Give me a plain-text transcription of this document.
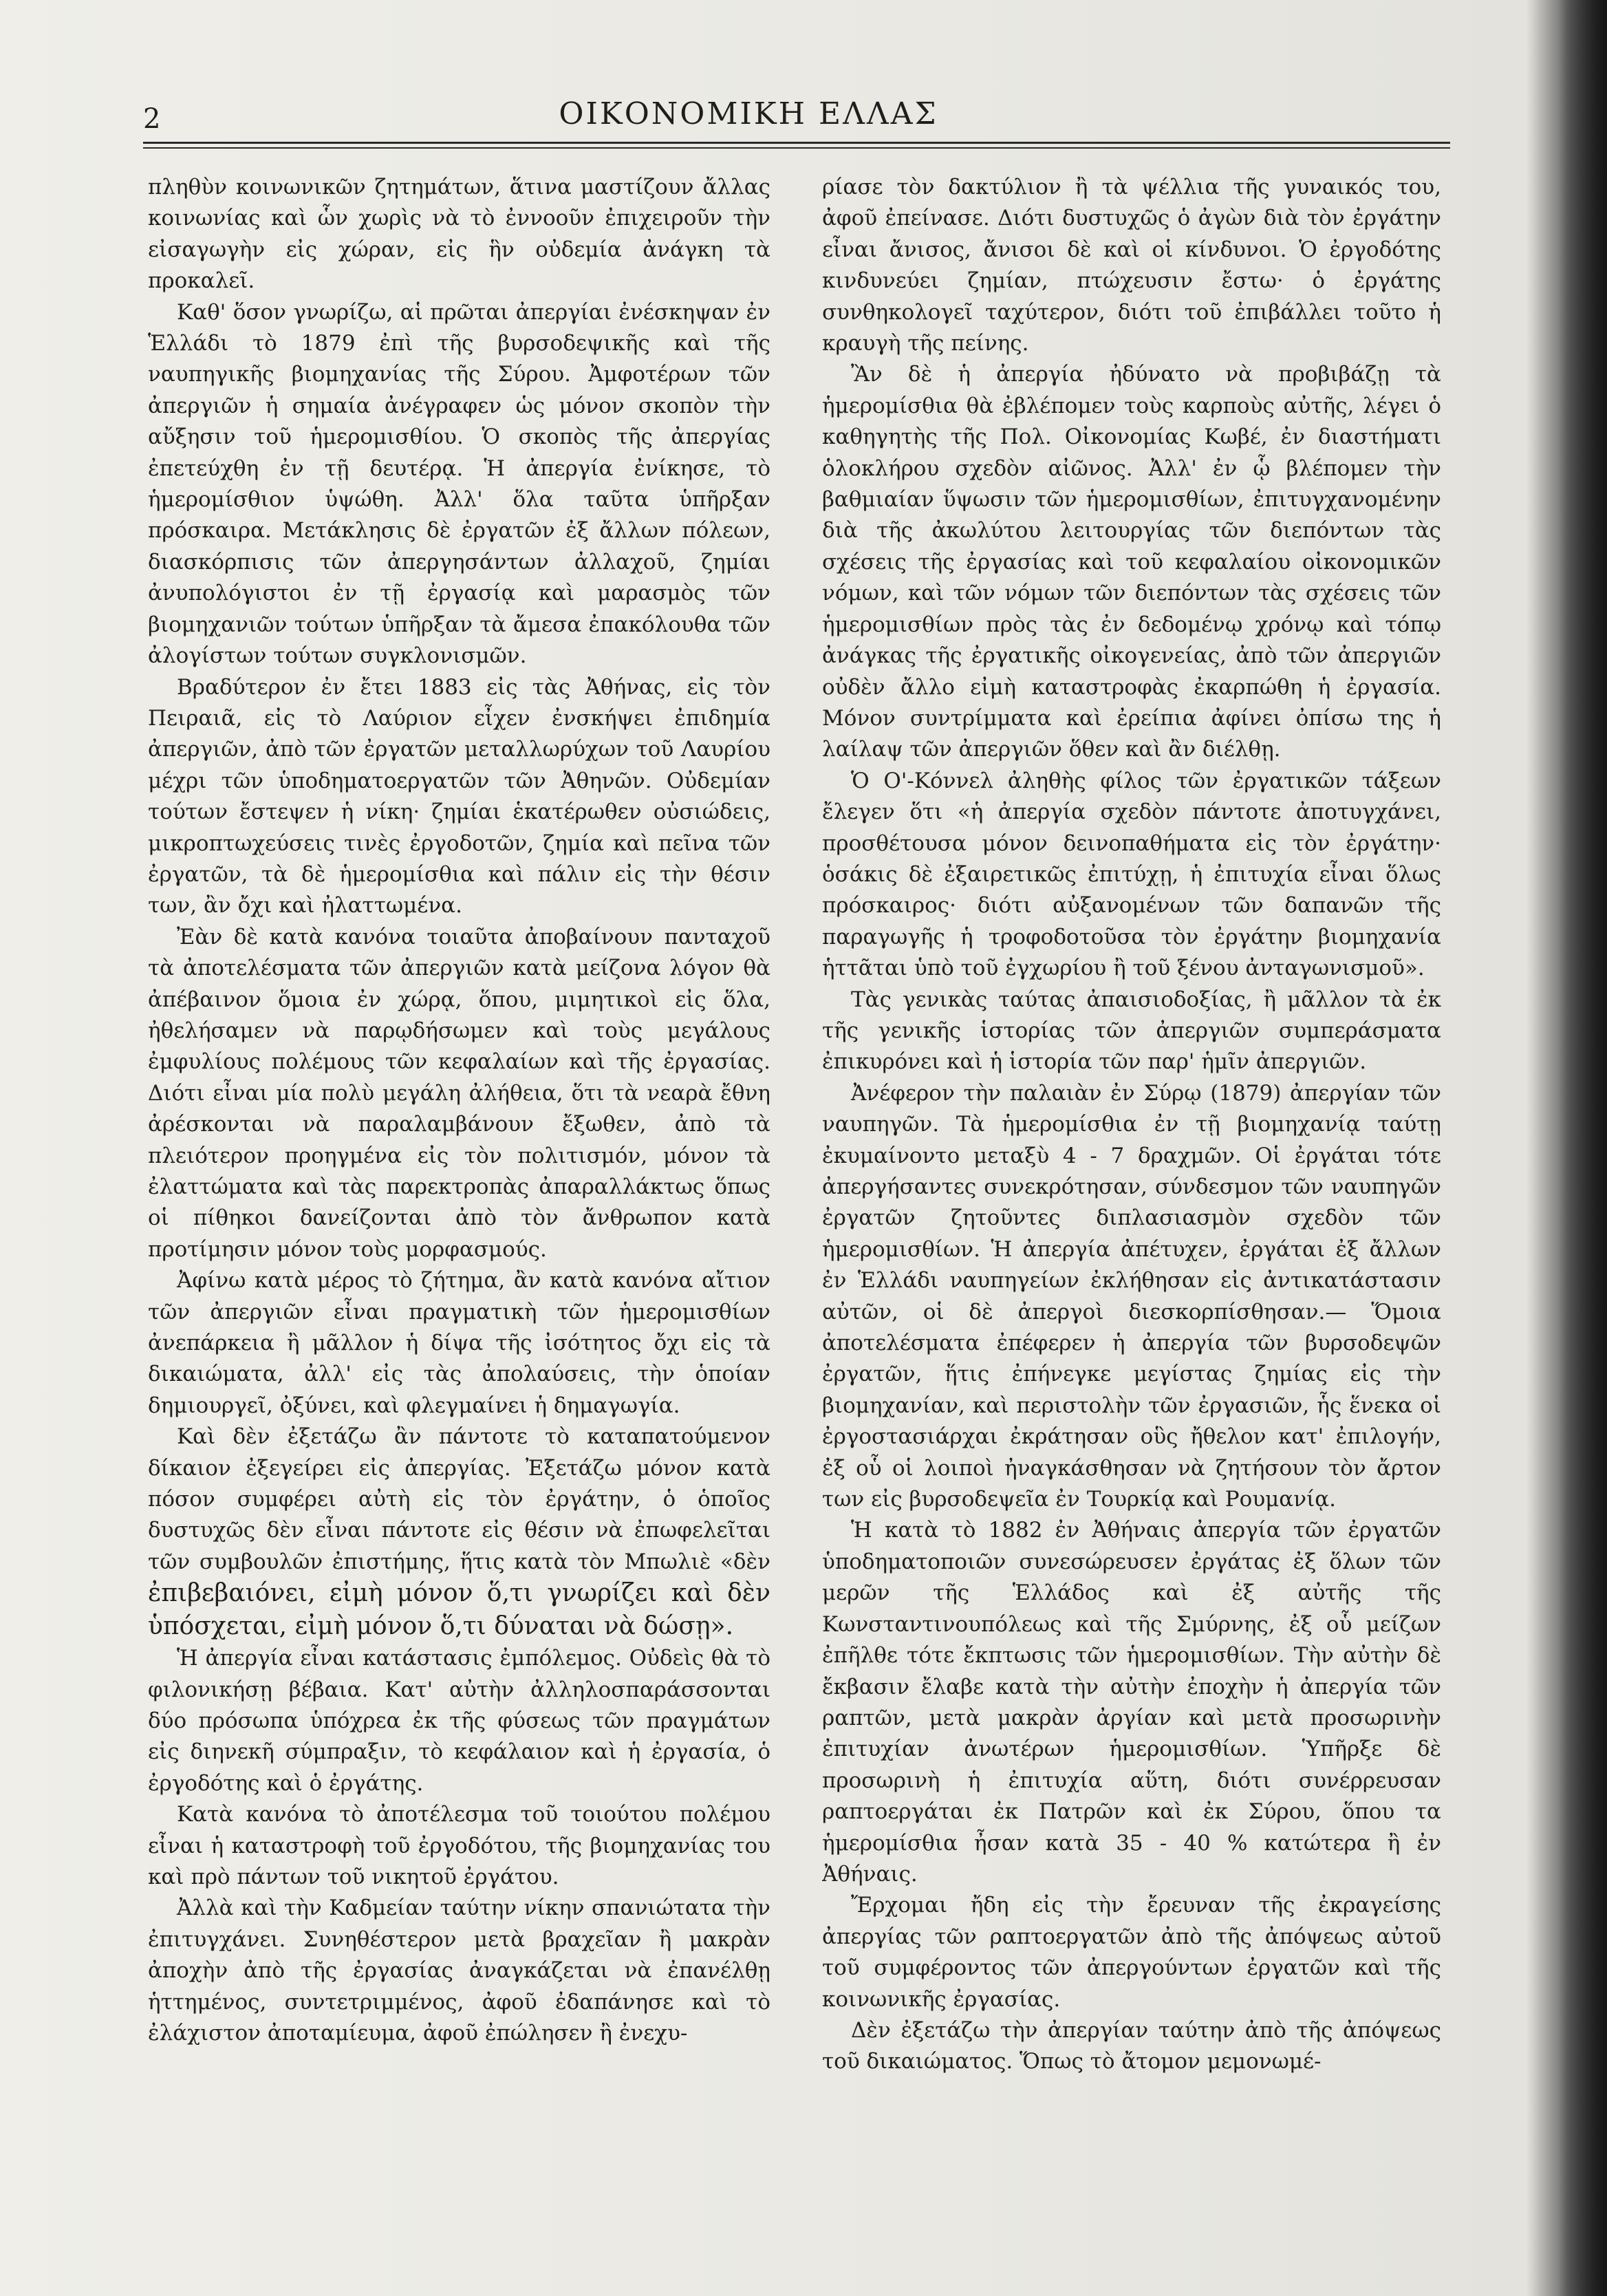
2	ΟΙΚΟΝΟΜΙΚΗ ΕΛΛΑΣ

πληθὺν κοινωνικῶν ζητημάτων, ἅτινα μαστίζουν ἄλλας κοινωνίας καὶ ὧν χωρὶς νὰ τὸ ἐννοοῦν ἐπιχειροῦν τὴν εἰσαγωγὴν εἰς χώραν, εἰς ἣν οὐδεμία ἀνάγκη τὰ προκαλεῖ.

Καθ' ὅσον γνωρίζω, αἱ πρῶται ἀπεργίαι ἐνέσκηψαν ἐν Ἑλλάδι τὸ 1879 ἐπὶ τῆς βυρσοδεψικῆς καὶ τῆς ναυπηγικῆς βιομηχανίας τῆς Σύρου. Ἀμφοτέρων τῶν ἀπεργιῶν ἡ σημαία ἀνέγραφεν ὡς μόνον σκοπὸν τὴν αὔξησιν τοῦ ἡμερομισθίου. Ὁ σκοπὸς τῆς ἀπεργίας ἐπετεύχθη ἐν τῇ δευτέρᾳ. Ἡ ἀπεργία ἐνίκησε, τὸ ἡμερομίσθιον ὑψώθη. Ἀλλ' ὅλα ταῦτα ὑπῆρξαν πρόσκαιρα. Μετάκλησις δὲ ἐργατῶν ἐξ ἄλλων πόλεων, διασκόρπισις τῶν ἀπεργησάντων ἀλλαχοῦ, ζημίαι ἀνυπολόγιστοι ἐν τῇ ἐργασίᾳ καὶ μαρασμὸς τῶν βιομηχανιῶν τούτων ὑπῆρξαν τὰ ἄμεσα ἐπακόλουθα τῶν ἀλογίστων τούτων συγκλονισμῶν.

Βραδύτερον ἐν ἔτει 1883 εἰς τὰς Ἀθήνας, εἰς τὸν Πειραιᾶ, εἰς τὸ Λαύριον εἶχεν ἐνσκήψει ἐπιδημία ἀπεργιῶν, ἀπὸ τῶν ἐργατῶν μεταλλωρύχων τοῦ Λαυρίου μέχρι τῶν ὑποδηματοεργατῶν τῶν Ἀθηνῶν. Οὐδεμίαν τούτων ἔστεψεν ἡ νίκη· ζημίαι ἑκατέρωθεν οὐσιώδεις, μικροπτωχεύσεις τινὲς ἐργοδοτῶν, ζημία καὶ πεῖνα τῶν ἐργατῶν, τὰ δὲ ἡμερομίσθια καὶ πάλιν εἰς τὴν θέσιν των, ἂν ὄχι καὶ ἠλαττωμένα.

Ἐὰν δὲ κατὰ κανόνα τοιαῦτα ἀποβαίνουν πανταχοῦ τὰ ἀποτελέσματα τῶν ἀπεργιῶν κατὰ μείζονα λόγον θὰ ἀπέβαινον ὅμοια ἐν χώρᾳ, ὅπου, μιμητικοὶ εἰς ὅλα, ἠθελήσαμεν νὰ παρῳδήσωμεν καὶ τοὺς μεγάλους ἐμφυλίους πολέμους τῶν κεφαλαίων καὶ τῆς ἐργασίας. Διότι εἶναι μία πολὺ μεγάλη ἀλήθεια, ὅτι τὰ νεαρὰ ἔθνη ἀρέσκονται νὰ παραλαμβάνουν ἔξωθεν, ἀπὸ τὰ πλειότερον προηγμένα εἰς τὸν πολιτισμόν, μόνον τὰ ἐλαττώματα καὶ τὰς παρεκτροπὰς ἀπαραλλάκτως ὅπως οἱ πίθηκοι δανείζονται ἀπὸ τὸν ἄνθρωπον κατὰ προτίμησιν μόνον τοὺς μορφασμούς.

Ἀφίνω κατὰ μέρος τὸ ζήτημα, ἂν κατὰ κανόνα αἴτιον τῶν ἀπεργιῶν εἶναι πραγματικὴ τῶν ἡμερομισθίων ἀνεπάρκεια ἢ μᾶλλον ἡ δίψα τῆς ἰσότητος ὄχι εἰς τὰ δικαιώματα, ἀλλ' εἰς τὰς ἀπολαύσεις, τὴν ὁποίαν δημιουργεῖ, ὀξύνει, καὶ φλεγμαίνει ἡ δημαγωγία.

Καὶ δὲν ἐξετάζω ἂν πάντοτε τὸ καταπατούμενον δίκαιον ἐξεγείρει εἰς ἀπεργίας. Ἐξετάζω μόνον κατὰ πόσον συμφέρει αὐτὴ εἰς τὸν ἐργάτην, ὁ ὁποῖος δυστυχῶς δὲν εἶναι πάντοτε εἰς θέσιν νὰ ἐπωφελεῖται τῶν συμβουλῶν ἐπιστήμης, ἥτις κατὰ τὸν Μπωλιὲ «δὲν ἐπιβεβαιόνει, εἰμὴ μόνον ὅ,τι γνωρίζει καὶ δὲν ὑπόσχεται, εἰμὴ μόνον ὅ,τι δύναται νὰ δώσῃ».

Ἡ ἀπεργία εἶναι κατάστασις ἐμπόλεμος. Οὐδεὶς θὰ τὸ φιλονικήσῃ βέβαια. Κατ' αὐτὴν ἀλληλοσπαράσσονται δύο πρόσωπα ὑπόχρεα ἐκ τῆς φύσεως τῶν πραγμάτων εἰς διηνεκῆ σύμπραξιν, τὸ κεφάλαιον καὶ ἡ ἐργασία, ὁ ἐργοδότης καὶ ὁ ἐργάτης.

Κατὰ κανόνα τὸ ἀποτέλεσμα τοῦ τοιούτου πολέμου εἶναι ἡ καταστροφὴ τοῦ ἐργοδότου, τῆς βιομηχανίας του καὶ πρὸ πάντων τοῦ νικητοῦ ἐργάτου.

Ἀλλὰ καὶ τὴν Καδμείαν ταύτην νίκην σπανιώτατα τὴν ἐπιτυγχάνει. Συνηθέστερον μετὰ βραχεῖαν ἢ μακρὰν ἀποχὴν ἀπὸ τῆς ἐργασίας ἀναγκάζεται νὰ ἐπανέλθῃ ἡττημένος, συντετριμμένος, ἀφοῦ ἐδαπάνησε καὶ τὸ ἐλάχιστον ἀποταμίευμα, ἀφοῦ ἐπώλησεν ἢ ἐνεχυ-

ρίασε τὸν δακτύλιον ἢ τὰ ψέλλια τῆς γυναικός του, ἀφοῦ ἐπείνασε. Διότι δυστυχῶς ὁ ἀγὼν διὰ τὸν ἐργάτην εἶναι ἄνισος, ἄνισοι δὲ καὶ οἱ κίνδυνοι. Ὁ ἐργοδότης κινδυνεύει ζημίαν, πτώχευσιν ἔστω· ὁ ἐργάτης συνθηκολογεῖ ταχύτερον, διότι τοῦ ἐπιβάλλει τοῦτο ἡ κραυγὴ τῆς πείνης.

Ἂν δὲ ἡ ἀπεργία ἠδύνατο νὰ προβιβάζῃ τὰ ἡμερομίσθια θὰ ἐβλέπομεν τοὺς καρποὺς αὐτῆς, λέγει ὁ καθηγητὴς τῆς Πολ. Οἰκονομίας Κωβέ, ἐν διαστήματι ὁλοκλήρου σχεδὸν αἰῶνος. Ἀλλ' ἐν ᾧ βλέπομεν τὴν βαθμιαίαν ὕψωσιν τῶν ἡμερομισθίων, ἐπιτυγχανομένην διὰ τῆς ἀκωλύτου λειτουργίας τῶν διεπόντων τὰς σχέσεις τῆς ἐργασίας καὶ τοῦ κεφαλαίου οἰκονομικῶν νόμων, καὶ τῶν νόμων τῶν διεπόντων τὰς σχέσεις τῶν ἡμερομισθίων πρὸς τὰς ἐν δεδομένῳ χρόνῳ καὶ τόπῳ ἀνάγκας τῆς ἐργατικῆς οἰκογενείας, ἀπὸ τῶν ἀπεργιῶν οὐδὲν ἄλλο εἰμὴ καταστροφὰς ἐκαρπώθη ἡ ἐργασία. Μόνον συντρίμματα καὶ ἐρείπια ἀφίνει ὀπίσω της ἡ λαίλαψ τῶν ἀπεργιῶν ὅθεν καὶ ἂν διέλθῃ.

Ὁ Ο'-Κόννελ ἀληθὴς φίλος τῶν ἐργατικῶν τάξεων ἔλεγεν ὅτι «ἡ ἀπεργία σχεδὸν πάντοτε ἀποτυγχάνει, προσθέτουσα μόνον δεινοπαθήματα εἰς τὸν ἐργάτην· ὁσάκις δὲ ἐξαιρετικῶς ἐπιτύχῃ, ἡ ἐπιτυχία εἶναι ὅλως πρόσκαιρος· διότι αὐξανομένων τῶν δαπανῶν τῆς παραγωγῆς ἡ τροφοδοτοῦσα τὸν ἐργάτην βιομηχανία ἡττᾶται ὑπὸ τοῦ ἐγχωρίου ἢ τοῦ ξένου ἀνταγωνισμοῦ».

Τὰς γενικὰς ταύτας ἀπαισιοδοξίας, ἢ μᾶλλον τὰ ἐκ τῆς γενικῆς ἱστορίας τῶν ἀπεργιῶν συμπεράσματα ἐπικυρόνει καὶ ἡ ἱστορία τῶν παρ' ἡμῖν ἀπεργιῶν.

Ἀνέφερον τὴν παλαιὰν ἐν Σύρῳ (1879) ἀπεργίαν τῶν ναυπηγῶν. Τὰ ἡμερομίσθια ἐν τῇ βιομηχανίᾳ ταύτῃ ἐκυμαίνοντο μεταξὺ 4 - 7 δραχμῶν. Οἱ ἐργάται τότε ἀπεργήσαντες συνεκρότησαν, σύνδεσμον τῶν ναυπηγῶν ἐργατῶν ζητοῦντες διπλασιασμὸν σχεδὸν τῶν ἡμερομισθίων. Ἡ ἀπεργία ἀπέτυχεν, ἐργάται ἐξ ἄλλων ἐν Ἑλλάδι ναυπηγείων ἐκλήθησαν εἰς ἀντικατάστασιν αὐτῶν, οἱ δὲ ἀπεργοὶ διεσκορπίσθησαν.— Ὅμοια ἀποτελέσματα ἐπέφερεν ἡ ἀπεργία τῶν βυρσοδεψῶν ἐργατῶν, ἥτις ἐπήνεγκε μεγίστας ζημίας εἰς τὴν βιομηχανίαν, καὶ περιστολὴν τῶν ἐργασιῶν, ἧς ἕνεκα οἱ ἐργοστασιάρχαι ἐκράτησαν οὓς ἤθελον κατ' ἐπιλογήν, ἐξ οὗ οἱ λοιποὶ ἠναγκάσθησαν νὰ ζητήσουν τὸν ἄρτον των εἰς βυρσοδεψεῖα ἐν Τουρκίᾳ καὶ Ρουμανίᾳ.

Ἡ κατὰ τὸ 1882 ἐν Ἀθήναις ἀπεργία τῶν ἐργατῶν ὑποδηματοποιῶν συνεσώρευσεν ἐργάτας ἐξ ὅλων τῶν μερῶν τῆς Ἑλλάδος καὶ ἐξ αὐτῆς τῆς Κωνσταντινουπόλεως καὶ τῆς Σμύρνης, ἐξ οὗ μείζων ἐπῆλθε τότε ἔκπτωσις τῶν ἡμερομισθίων. Τὴν αὐτὴν δὲ ἔκβασιν ἔλαβε κατὰ τὴν αὐτὴν ἐποχὴν ἡ ἀπεργία τῶν ραπτῶν, μετὰ μακρὰν ἀργίαν καὶ μετὰ προσωρινὴν ἐπιτυχίαν ἀνωτέρων ἡμερομισθίων. Ὑπῆρξε δὲ προσωρινὴ ἡ ἐπιτυχία αὕτη, διότι συνέρρευσαν ραπτοεργάται ἐκ Πατρῶν καὶ ἐκ Σύρου, ὅπου τα ἡμερομίσθια ἦσαν κατὰ 35 - 40 % κατώτερα ἢ ἐν Ἀθήναις.

Ἔρχομαι ἤδη εἰς τὴν ἔρευναν τῆς ἐκραγείσης ἀπεργίας τῶν ραπτοεργατῶν ἀπὸ τῆς ἀπόψεως αὐτοῦ τοῦ συμφέροντος τῶν ἀπεργούντων ἐργατῶν καὶ τῆς κοινωνικῆς ἐργασίας.

Δὲν ἐξετάζω τὴν ἀπεργίαν ταύτην ἀπὸ τῆς ἀπόψεως τοῦ δικαιώματος. Ὅπως τὸ ἄτομον μεμονωμέ-
